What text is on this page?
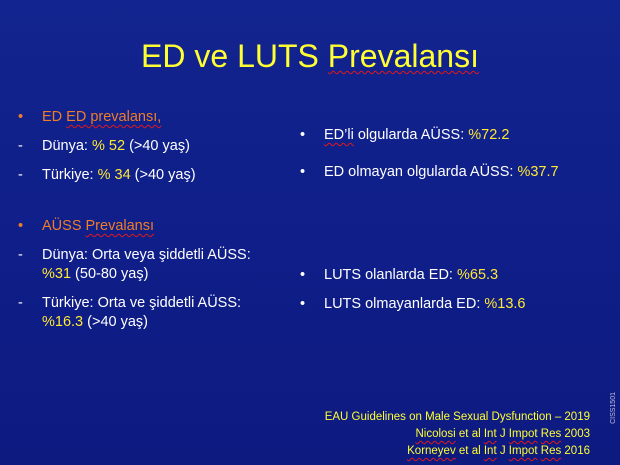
ED ve LUTS Prevalansı
•	ED ED prevalansı,
-	Dünya: % 52 (>40 yaş)
-	Türkiye: % 34 (>40 yaş)
•	AÜSS Prevalansı
-	Dünya: Orta veya şiddetli AÜSS:
%31 (50-80 yaş)
-	Türkiye: Orta ve şiddetli AÜSS:
%16.3 (>40 yaş)
•	ED’li olgularda AÜSS: %72.2
•	ED olmayan olgularda AÜSS: %37.7
•	LUTS olanlarda ED: %65.3
•	LUTS olmayanlarda ED: %13.6
EAU Guidelines on Male Sexual Dysfunction – 2019
Nicolosi et al Int J Impot Res 2003
Korneyev et al Int J Impot Res 2016
CISS1501
